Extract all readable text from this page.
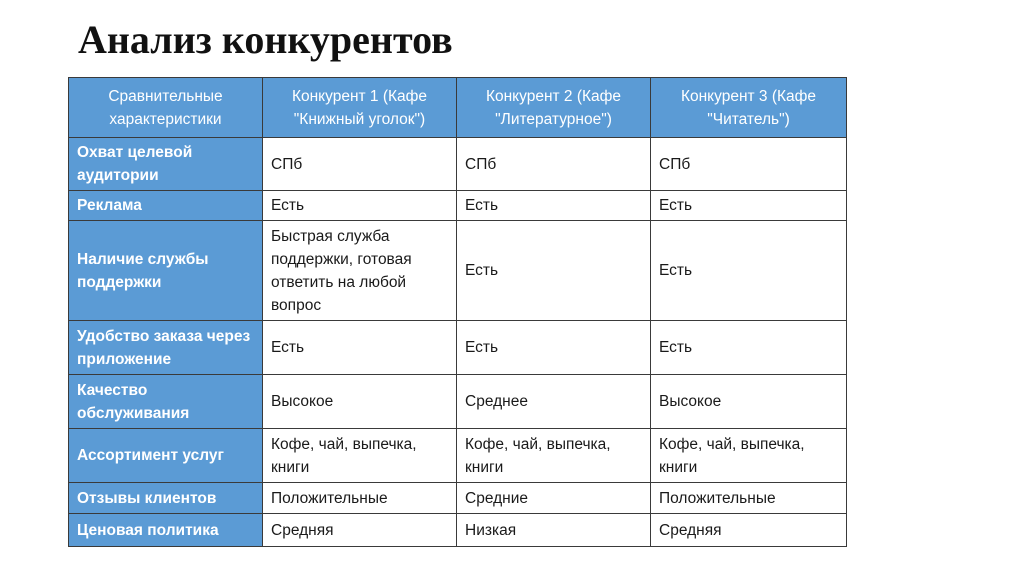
Анализ конкурентов
Сравнительные характеристики	Конкурент 1 (Кафе "Книжный уголок")	Конкурент 2 (Кафе "Литературное")	Конкурент 3 (Кафе "Читатель")
Охват целевой аудитории	СПб	СПб	СПб
Реклама	Есть	Есть	Есть
Наличие службы поддержки	Быстрая служба поддержки, готовая ответить на любой вопрос	Есть	Есть
Удобство заказа через приложение	Есть	Есть	Есть
Качество обслуживания	Высокое	Среднее	Высокое
Ассортимент услуг	Кофе, чай, выпечка, книги	Кофе, чай, выпечка, книги	Кофе, чай, выпечка, книги
Отзывы клиентов	Положительные	Средние	Положительные
Ценовая политика	Средняя	Низкая	Средняя
